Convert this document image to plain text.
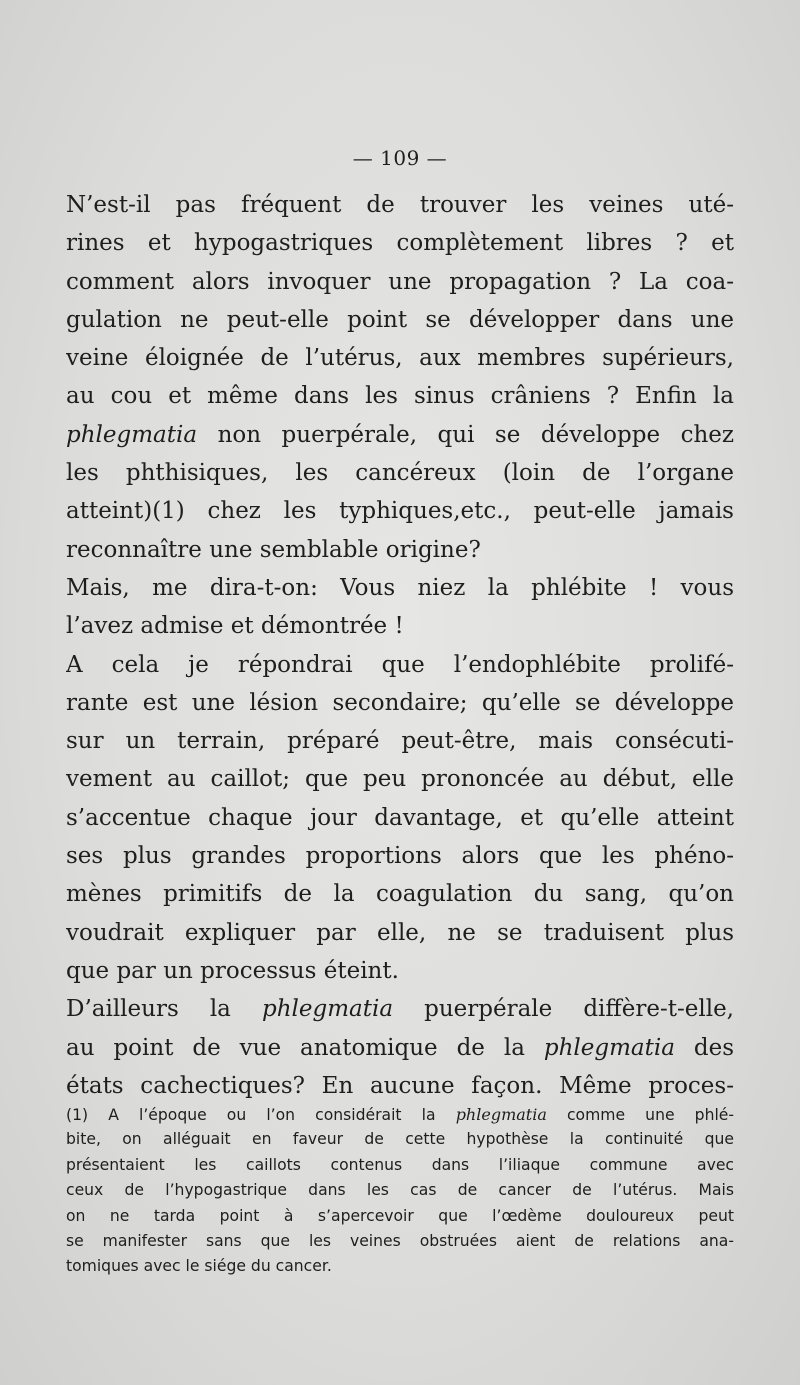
— 109 —
N’est-il pas fréquent de trouver les veines uté-
rines et hypogastriques complètement libres ? et
comment alors invoquer une propagation ? La coa-
gulation ne peut-elle point se développer dans une
veine éloignée de l’utérus, aux membres supérieurs,
au cou et même dans les sinus crâniens ? Enfin la
phlegmatia non puerpérale, qui se développe chez
les phthisiques, les cancéreux (loin de l’organe
atteint)(1) chez les typhiques,etc., peut-elle jamais
reconnaître une semblable origine?
Mais, me dira-t-on: Vous niez la phlébite ! vous
l’avez admise et démontrée !
A cela je répondrai que l’endophlébite prolifé-
rante est une lésion secondaire; qu’elle se développe
sur un terrain, préparé peut-être, mais consécuti-
vement au caillot; que peu prononcée au début, elle
s’accentue chaque jour davantage, et qu’elle atteint
ses plus grandes proportions alors que les phéno-
mènes primitifs de la coagulation du sang, qu’on
voudrait expliquer par elle, ne se traduisent plus
que par un processus éteint.
D’ailleurs la phlegmatia puerpérale diffère-t-elle,
au point de vue anatomique de la phlegmatia des
états cachectiques? En aucune façon. Même proces-
(1) A l’époque ou l’on considérait la phlegmatia comme une phlé-
bite, on alléguait en faveur de cette hypothèse la continuité que
présentaient les caillots contenus dans l’iliaque commune avec
ceux de l’hypogastrique dans les cas de cancer de l’utérus. Mais
on ne tarda point à s’apercevoir que l’œdème douloureux peut
se manifester sans que les veines obstruées aient de relations ana-
tomiques avec le siége du cancer.
